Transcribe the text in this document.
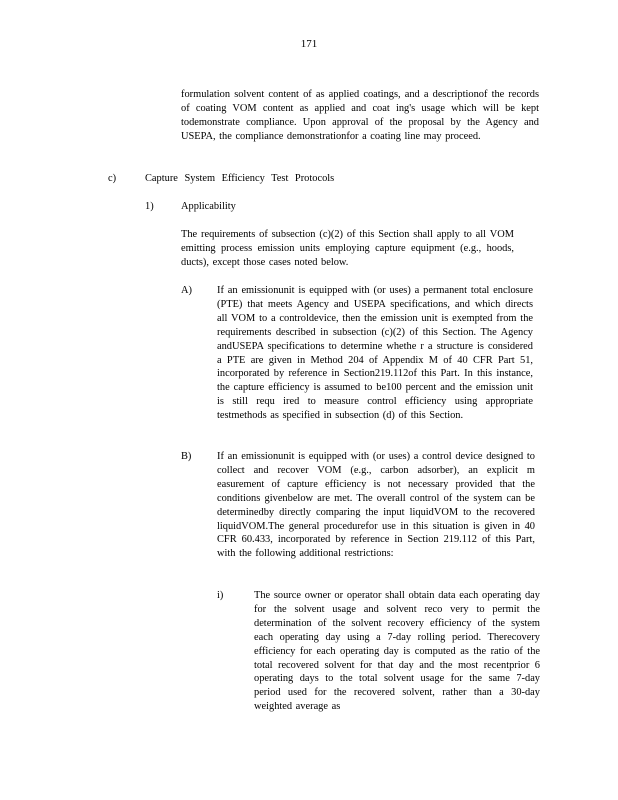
171
formulation solvent content of as applied coatings, and a descriptionof the records of coating VOM content as applied and coat ing's usage which will be kept todemonstrate compliance. Upon approval of the proposal by the Agency and USEPA, the compliance demonstrationfor a coating line may proceed.
c)	Capture System Efficiency Test Protocols
1)	Applicability
The requirements of subsection (c)(2) of this Section shall apply to all VOM emitting process emission units employing capture equipment (e.g., hoods, ducts), except those cases noted below.
A) If an emissionunit is equipped with (or uses) a permanent total enclosure (PTE) that meets Agency and USEPA specifications, and which directs all VOM to a controldevice, then the emission unit is exempted from the requirements described in subsection (c)(2) of this Section. The Agency andUSEPA specifications to determine whethe r a structure is considered a PTE are given in Method 204 of Appendix M of 40 CFR Part 51, incorporated by reference in Section219.112of this Part. In this instance, the capture efficiency is assumed to be100 percent and the emission unit is still requ ired to measure control efficiency using appropriate testmethods as specified in subsection (d) of this Section.
B) If an emissionunit is equipped with (or uses) a control device designed to collect and recover VOM (e.g., carbon adsorber), an explicit m easurement of capture efficiency is not necessary provided that the conditions givenbelow are met. The overall control of the system can be determinedby directly comparing the input liquidVOM to the recovered liquidVOM.The general procedurefor use in this situation is given in 40 CFR 60.433, incorporated by reference in Section 219.112 of this Part, with the following additional restrictions:
i)	The source owner or operator shall obtain data each operating day for the solvent usage and solvent reco very to permit the determination of the solvent recovery efficiency of the system each operating day using a 7-day rolling period. Therecovery efficiency for each operating day is computed as the ratio of the total recovered solvent for that day and the most recentprior 6 operating days to the total solvent usage for the same 7-day period used for the recovered solvent, rather than a 30-day weighted average as
